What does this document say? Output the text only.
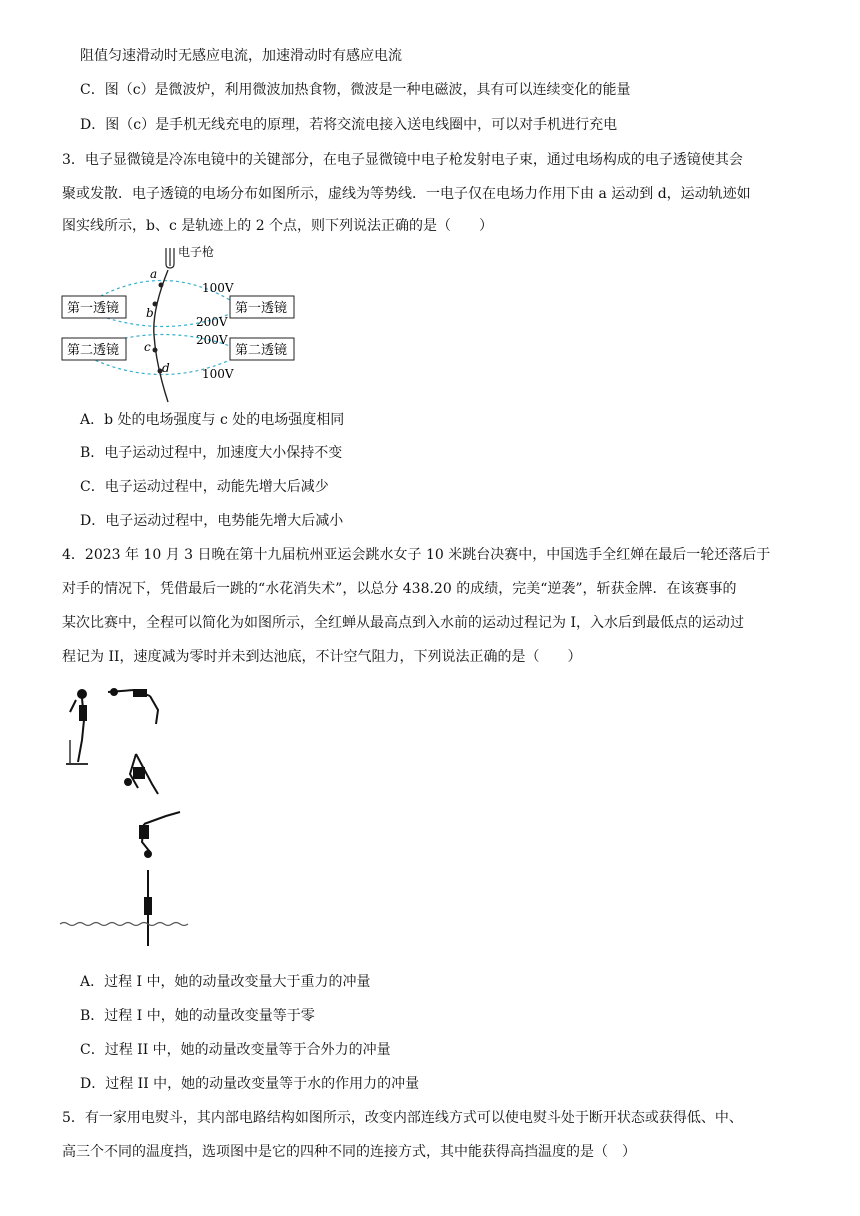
阻值匀速滑动时无感应电流，加速滑动时有感应电流
C．图（c）是微波炉，利用微波加热食物，微波是一种电磁波，具有可以连续变化的能量
D．图（c）是手机无线充电的原理，若将交流电接入送电线圈中，可以对手机进行充电
3．电子显微镜是冷冻电镜中的关键部分，在电子显微镜中电子枪发射电子束，通过电场构成的电子透镜使其会
聚或发散．电子透镜的电场分布如图所示，虚线为等势线．一电子仅在电场力作用下由 a 运动到 d，运动轨迹如
图实线所示，b、c 是轨迹上的 2 个点，则下列说法正确的是（　　）
电子枪
a
b
c
d
第一透镜	第一透镜
第二透镜	第二透镜
100V
200V
200V
100V
A．b 处的电场强度与 c 处的电场强度相同
B．电子运动过程中，加速度大小保持不变
C．电子运动过程中，动能先增大后减少
D．电子运动过程中，电势能先增大后减小
4．2023 年 10 月 3 日晚在第十九届杭州亚运会跳水女子 10 米跳台决赛中，中国选手全红婵在最后一轮还落后于
对手的情况下，凭借最后一跳的“水花消失术”，以总分 438.20 的成绩，完美“逆袭”，斩获金牌．在该赛事的
某次比赛中，全程可以简化为如图所示，全红蝉从最高点到入水前的运动过程记为 I，入水后到最低点的运动过
程记为 II，速度减为零时并未到达池底，不计空气阻力，下列说法正确的是（　　）
A．过程 I 中，她的动量改变量大于重力的冲量
B．过程 I 中，她的动量改变量等于零
C．过程 II 中，她的动量改变量等于合外力的冲量
D．过程 II 中，她的动量改变量等于水的作用力的冲量
5．有一家用电熨斗，其内部电路结构如图所示，改变内部连线方式可以使电熨斗处于断开状态或获得低、中、
高三个不同的温度挡，选项图中是它的四种不同的连接方式，其中能获得高挡温度的是（　）
